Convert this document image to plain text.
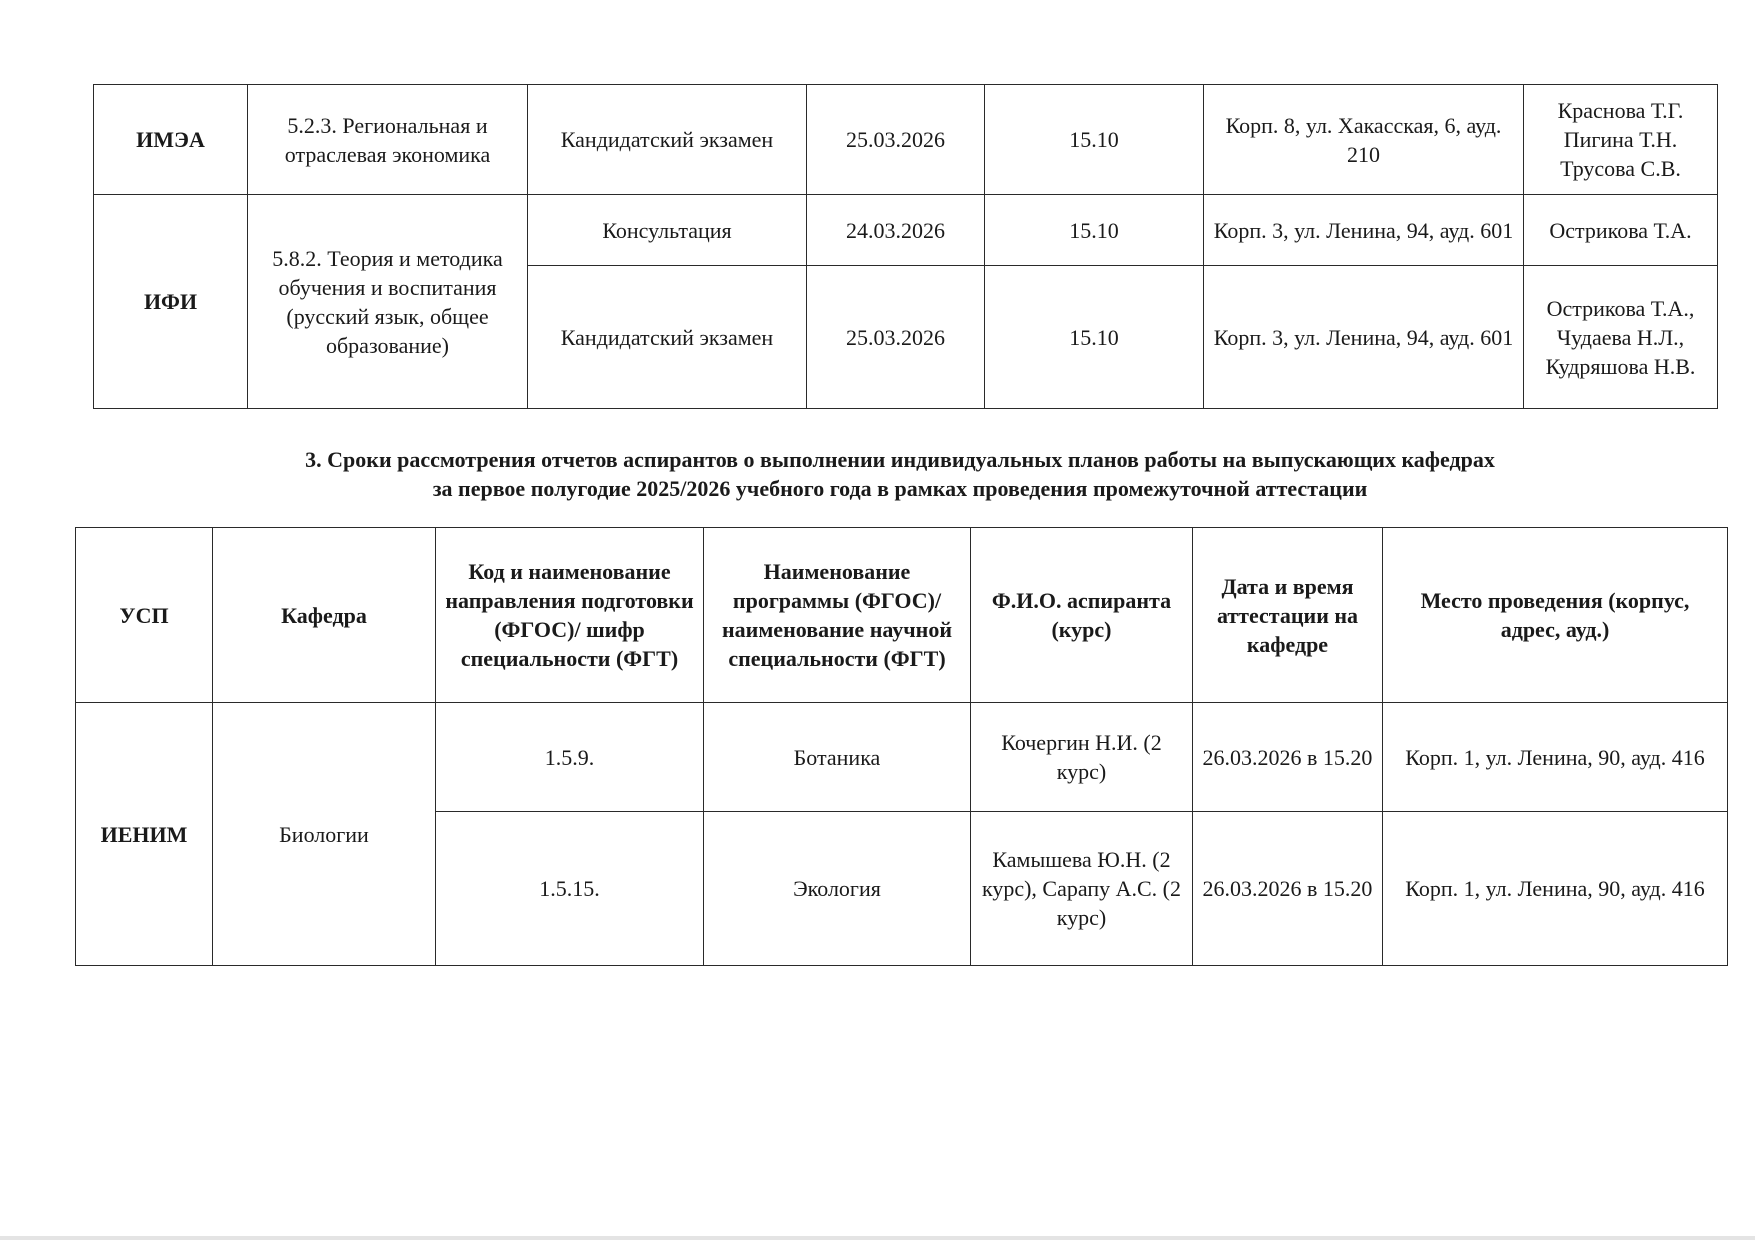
ИМЭА	5.2.3. Региональная и отраслевая экономика	Кандидатский экзамен	25.03.2026	15.10	Корп. 8, ул. Хакасская, 6, ауд. 210	Краснова Т.Г. Пигина Т.Н. Трусова С.В.
ИФИ	5.8.2. Теория и методика обучения и воспитания (русский язык, общее образование)	Консультация	24.03.2026	15.10	Корп. 3, ул. Ленина, 94, ауд. 601	Острикова Т.А.
		Кандидатский экзамен	25.03.2026	15.10	Корп. 3, ул. Ленина, 94, ауд. 601	Острикова Т.А., Чудаева Н.Л., Кудряшова Н.В.
3. Сроки рассмотрения отчетов аспирантов о выполнении индивидуальных планов работы на выпускающих кафедрах
за первое полугодие 2025/2026 учебного года в рамках проведения промежуточной аттестации
УСП	Кафедра	Код и наименование направления подготовки (ФГОС)/ шифр специальности (ФГТ)	Наименование программы (ФГОС)/ наименование научной специальности (ФГТ)	Ф.И.О. аспиранта (курс)	Дата и время аттестации на кафедре	Место проведения (корпус, адрес, ауд.)
ИЕНИМ	Биологии	1.5.9.	Ботаника	Кочергин Н.И. (2 курс)	26.03.2026 в 15.20	Корп. 1, ул. Ленина, 90, ауд. 416
		1.5.15.	Экология	Камышева Ю.Н. (2 курс), Сарапу А.С. (2 курс)	26.03.2026 в 15.20	Корп. 1, ул. Ленина, 90, ауд. 416
